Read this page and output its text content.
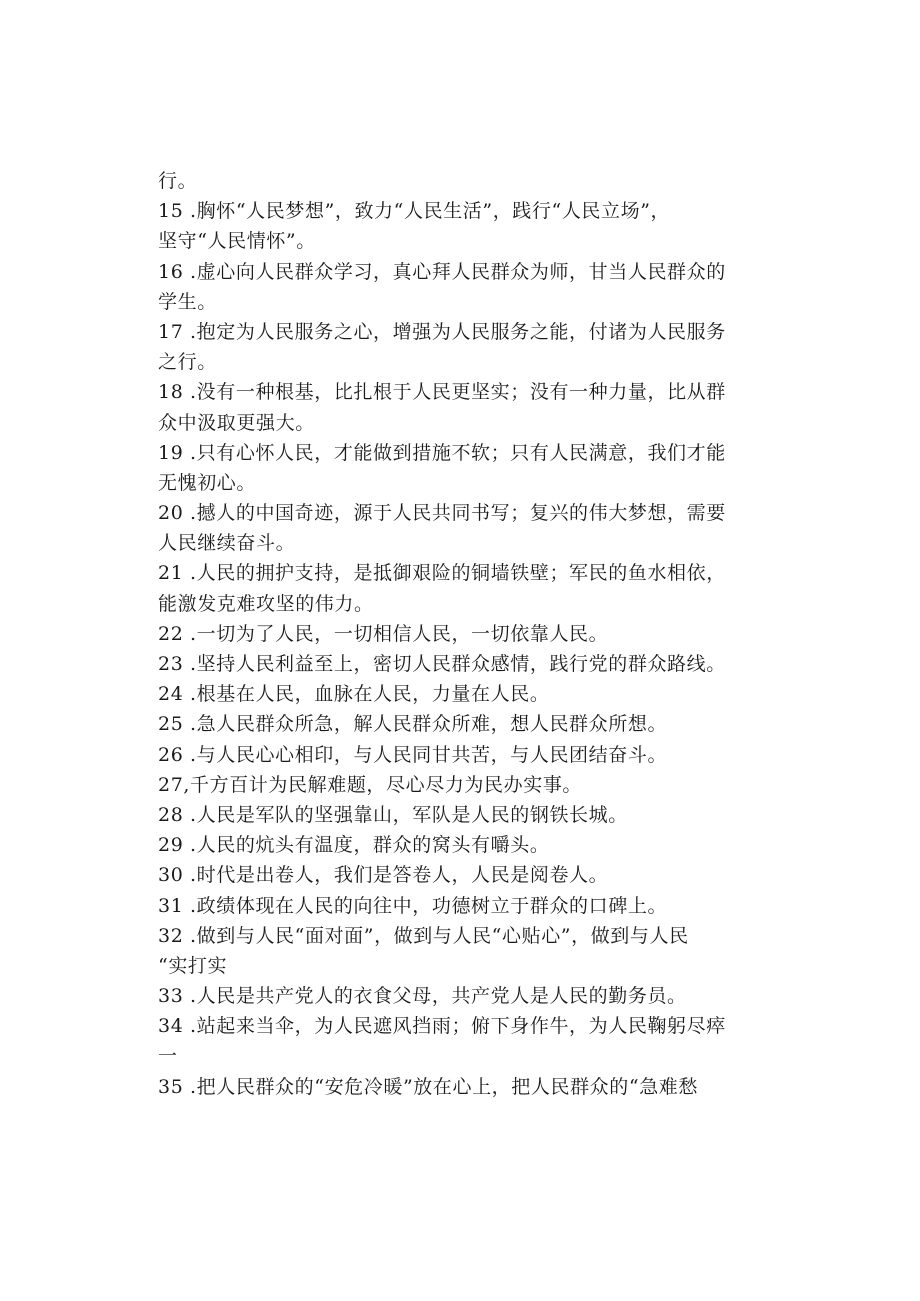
行。
15 .胸怀“人民梦想”，致力“人民生活”，践行“人民立场”，
坚守“人民情怀”。
16 .虚心向人民群众学习，真心拜人民群众为师，甘当人民群众的
学生。
17 .抱定为人民服务之心，增强为人民服务之能，付诸为人民服务
之行。
18 .没有一种根基，比扎根于人民更坚实；没有一种力量，比从群
众中汲取更强大。
19 .只有心怀人民，才能做到措施不软；只有人民满意，我们才能
无愧初心。
20 .撼人的中国奇迹，源于人民共同书写；复兴的伟大梦想，需要
人民继续奋斗。
21 .人民的拥护支持，是抵御艰险的铜墙铁壁；军民的鱼水相依，
能激发克难攻坚的伟力。
22 .一切为了人民，一切相信人民，一切依靠人民。
23 .坚持人民利益至上，密切人民群众感情，践行党的群众路线。
24 .根基在人民，血脉在人民，力量在人民。
25 .急人民群众所急，解人民群众所难，想人民群众所想。
26 .与人民心心相印，与人民同甘共苦，与人民团结奋斗。
27,千方百计为民解难题，尽心尽力为民办实事。
28 .人民是军队的坚强靠山，军队是人民的钢铁长城。
29 .人民的炕头有温度，群众的窝头有嚼头。
30 .时代是出卷人，我们是答卷人，人民是阅卷人。
31 .政绩体现在人民的向往中，功德树立于群众的口碑上。
32 .做到与人民“面对面”，做到与人民“心贴心”，做到与人民
“实打实
33 .人民是共产党人的衣食父母，共产党人是人民的勤务员。
34 .站起来当伞，为人民遮风挡雨；俯下身作牛，为人民鞠躬尽瘁
一
35 .把人民群众的“安危冷暖”放在心上，把人民群众的“急难愁
